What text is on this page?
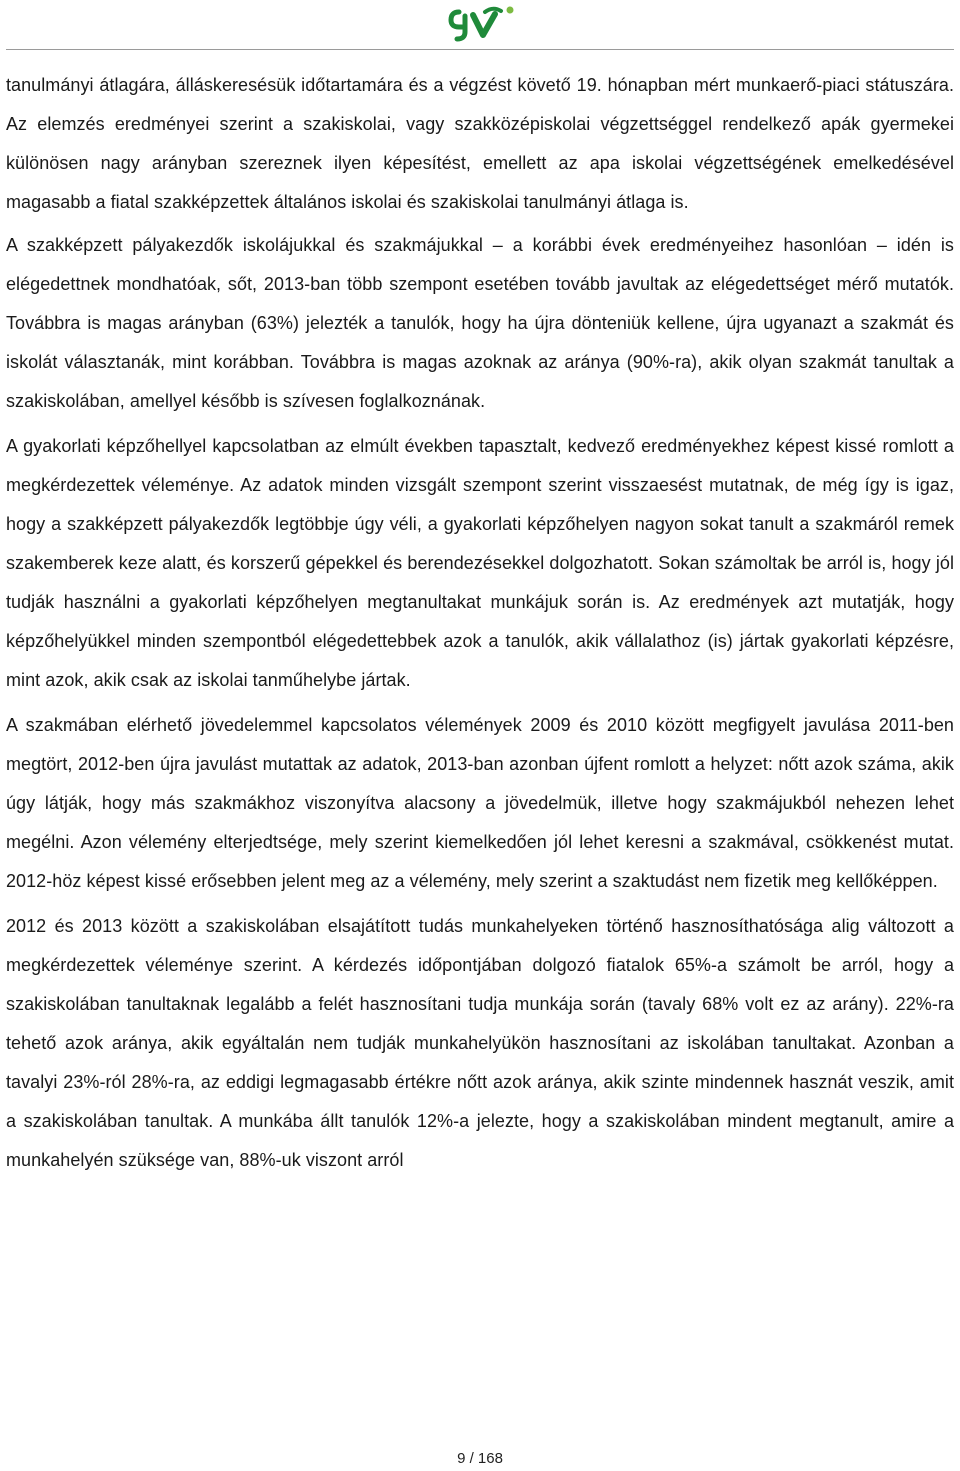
tanulmányi átlagára, álláskeresésük időtartamára és a végzést követő 19. hónapban mért munkaerő-piaci státuszára. Az elemzés eredményei szerint a szakiskolai, vagy szakközépiskolai végzettséggel rendelkező apák gyermekei különösen nagy arányban szereznek ilyen képesítést, emellett az apa iskolai végzettségének emelkedésével magasabb a fiatal szakképzettek általános iskolai és szakiskolai tanulmányi átlaga is.

A szakképzett pályakezdők iskolájukkal és szakmájukkal – a korábbi évek eredményeihez hasonlóan – idén is elégedettnek mondhatóak, sőt, 2013-ban több szempont esetében tovább javultak az elégedettséget mérő mutatók. Továbbra is magas arányban (63%) jelezték a tanulók, hogy ha újra dönteniük kellene, újra ugyanazt a szakmát és iskolát választanák, mint korábban. Továbbra is magas azoknak az aránya (90%-ra), akik olyan szakmát tanultak a szakiskolában, amellyel később is szívesen foglalkoznának.

A gyakorlati képzőhellyel kapcsolatban az elmúlt években tapasztalt, kedvező eredményekhez képest kissé romlott a megkérdezettek véleménye. Az adatok minden vizsgált szempont szerint visszaesést mutatnak, de még így is igaz, hogy a szakképzett pályakezdők legtöbbje úgy véli, a gyakorlati képzőhelyen nagyon sokat tanult a szakmáról remek szakemberek keze alatt, és korszerű gépekkel és berendezésekkel dolgozhatott. Sokan számoltak be arról is, hogy jól tudják használni a gyakorlati képzőhelyen megtanultakat munkájuk során is. Az eredmények azt mutatják, hogy képzőhelyükkel minden szempontból elégedettebbek azok a tanulók, akik vállalathoz (is) jártak gyakorlati képzésre, mint azok, akik csak az iskolai tanműhelybe jártak.

A szakmában elérhető jövedelemmel kapcsolatos vélemények 2009 és 2010 között megfigyelt javulása 2011-ben megtört, 2012-ben újra javulást mutattak az adatok, 2013-ban azonban újfent romlott a helyzet: nőtt azok száma, akik úgy látják, hogy más szakmákhoz viszonyítva alacsony a jövedelmük, illetve hogy szakmájukból nehezen lehet megélni. Azon vélemény elterjedtsége, mely szerint kiemelkedően jól lehet keresni a szakmával, csökkenést mutat. 2012-höz képest kissé erősebben jelent meg az a vélemény, mely szerint a szaktudást nem fizetik meg kellőképpen.

2012 és 2013 között a szakiskolában elsajátított tudás munkahelyeken történő hasznosíthatósága alig változott a megkérdezettek véleménye szerint. A kérdezés időpontjában dolgozó fiatalok 65%-a számolt be arról, hogy a szakiskolában tanultaknak legalább a felét hasznosítani tudja munkája során (tavaly 68% volt ez az arány). 22%-ra tehető azok aránya, akik egyáltalán nem tudják munkahelyükön hasznosítani az iskolában tanultakat. Azonban a tavalyi 23%-ról 28%-ra, az eddigi legmagasabb értékre nőtt azok aránya, akik szinte mindennek hasznát veszik, amit a szakiskolában tanultak. A munkába állt tanulók 12%-a jelezte, hogy a szakiskolában mindent megtanult, amire a munkahelyén szüksége van, 88%-uk viszont arról

9 / 168
